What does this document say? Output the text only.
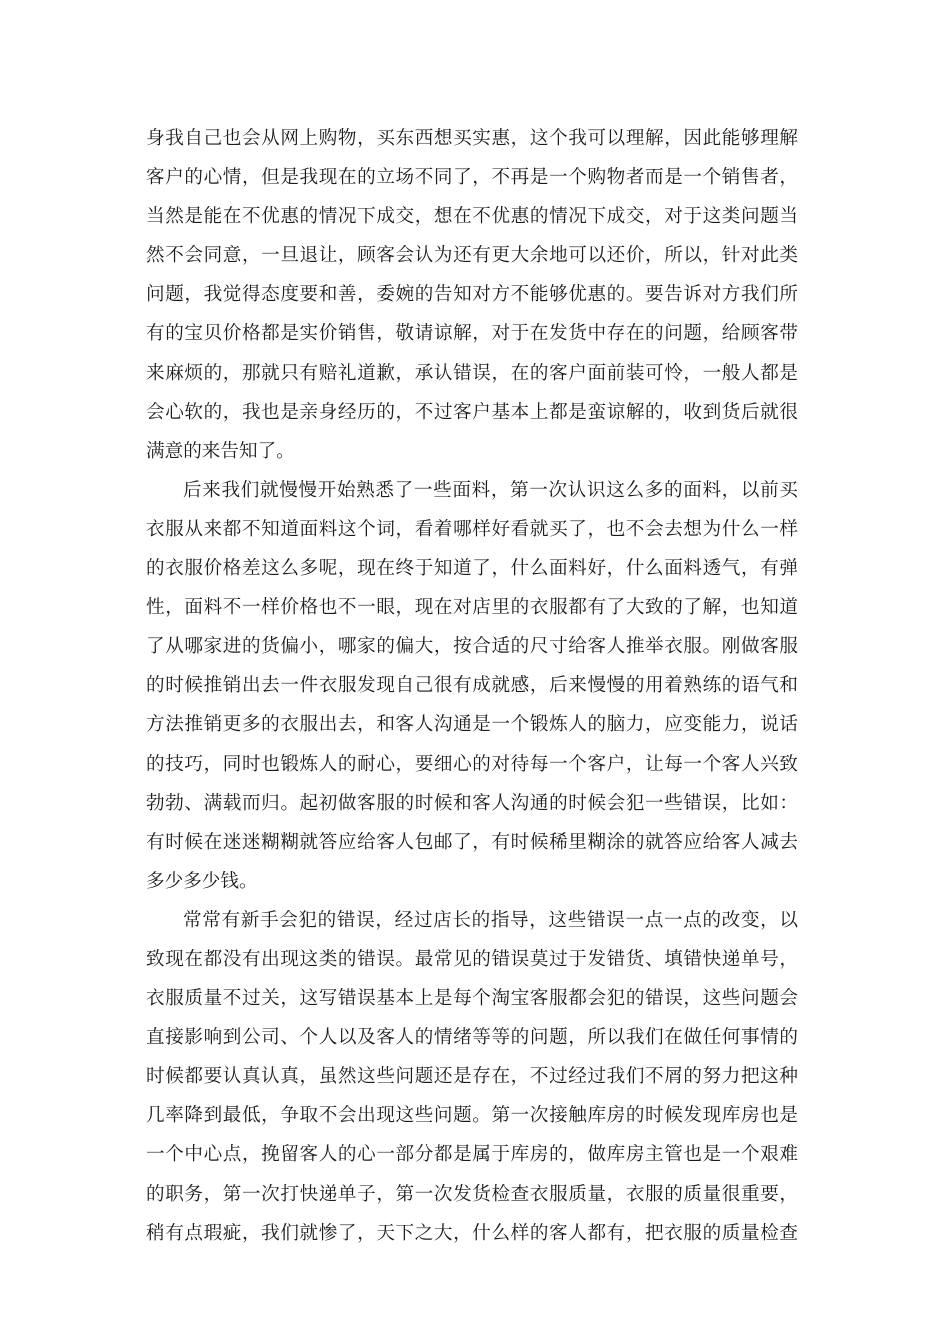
身我自己也会从网上购物，买东西想买实惠，这个我可以理解，因此能够理解
客户的心情，但是我现在的立场不同了，不再是一个购物者而是一个销售者，
当然是能在不优惠的情况下成交，想在不优惠的情况下成交，对于这类问题当
然不会同意，一旦退让，顾客会认为还有更大余地可以还价，所以，针对此类
问题，我觉得态度要和善，委婉的告知对方不能够优惠的。要告诉对方我们所
有的宝贝价格都是实价销售，敬请谅解，对于在发货中存在的问题，给顾客带
来麻烦的，那就只有赔礼道歉，承认错误，在的客户面前装可怜，一般人都是
会心软的，我也是亲身经历的，不过客户基本上都是蛮谅解的，收到货后就很
满意的来告知了。
后来我们就慢慢开始熟悉了一些面料，第一次认识这么多的面料，以前买
衣服从来都不知道面料这个词，看着哪样好看就买了，也不会去想为什么一样
的衣服价格差这么多呢，现在终于知道了，什么面料好，什么面料透气，有弹
性，面料不一样价格也不一眼，现在对店里的衣服都有了大致的了解，也知道
了从哪家进的货偏小，哪家的偏大，按合适的尺寸给客人推举衣服。刚做客服
的时候推销出去一件衣服发现自己很有成就感，后来慢慢的用着熟练的语气和
方法推销更多的衣服出去，和客人沟通是一个锻炼人的脑力，应变能力，说话
的技巧，同时也锻炼人的耐心，要细心的对待每一个客户，让每一个客人兴致
勃勃、满载而归。起初做客服的时候和客人沟通的时候会犯一些错误，比如：
有时候在迷迷糊糊就答应给客人包邮了，有时候稀里糊涂的就答应给客人减去
多少多少钱。
常常有新手会犯的错误，经过店长的指导，这些错误一点一点的改变，以
致现在都没有出现这类的错误。最常见的错误莫过于发错货、填错快递单号，
衣服质量不过关，这写错误基本上是每个淘宝客服都会犯的错误，这些问题会
直接影响到公司、个人以及客人的情绪等等的问题，所以我们在做任何事情的
时候都要认真认真，虽然这些问题还是存在，不过经过我们不屑的努力把这种
几率降到最低，争取不会出现这些问题。第一次接触库房的时候发现库房也是
一个中心点，挽留客人的心一部分都是属于库房的，做库房主管也是一个艰难
的职务，第一次打快递单子，第一次发货检查衣服质量，衣服的质量很重要，
稍有点瑕疵，我们就惨了，天下之大，什么样的客人都有，把衣服的质量检查
